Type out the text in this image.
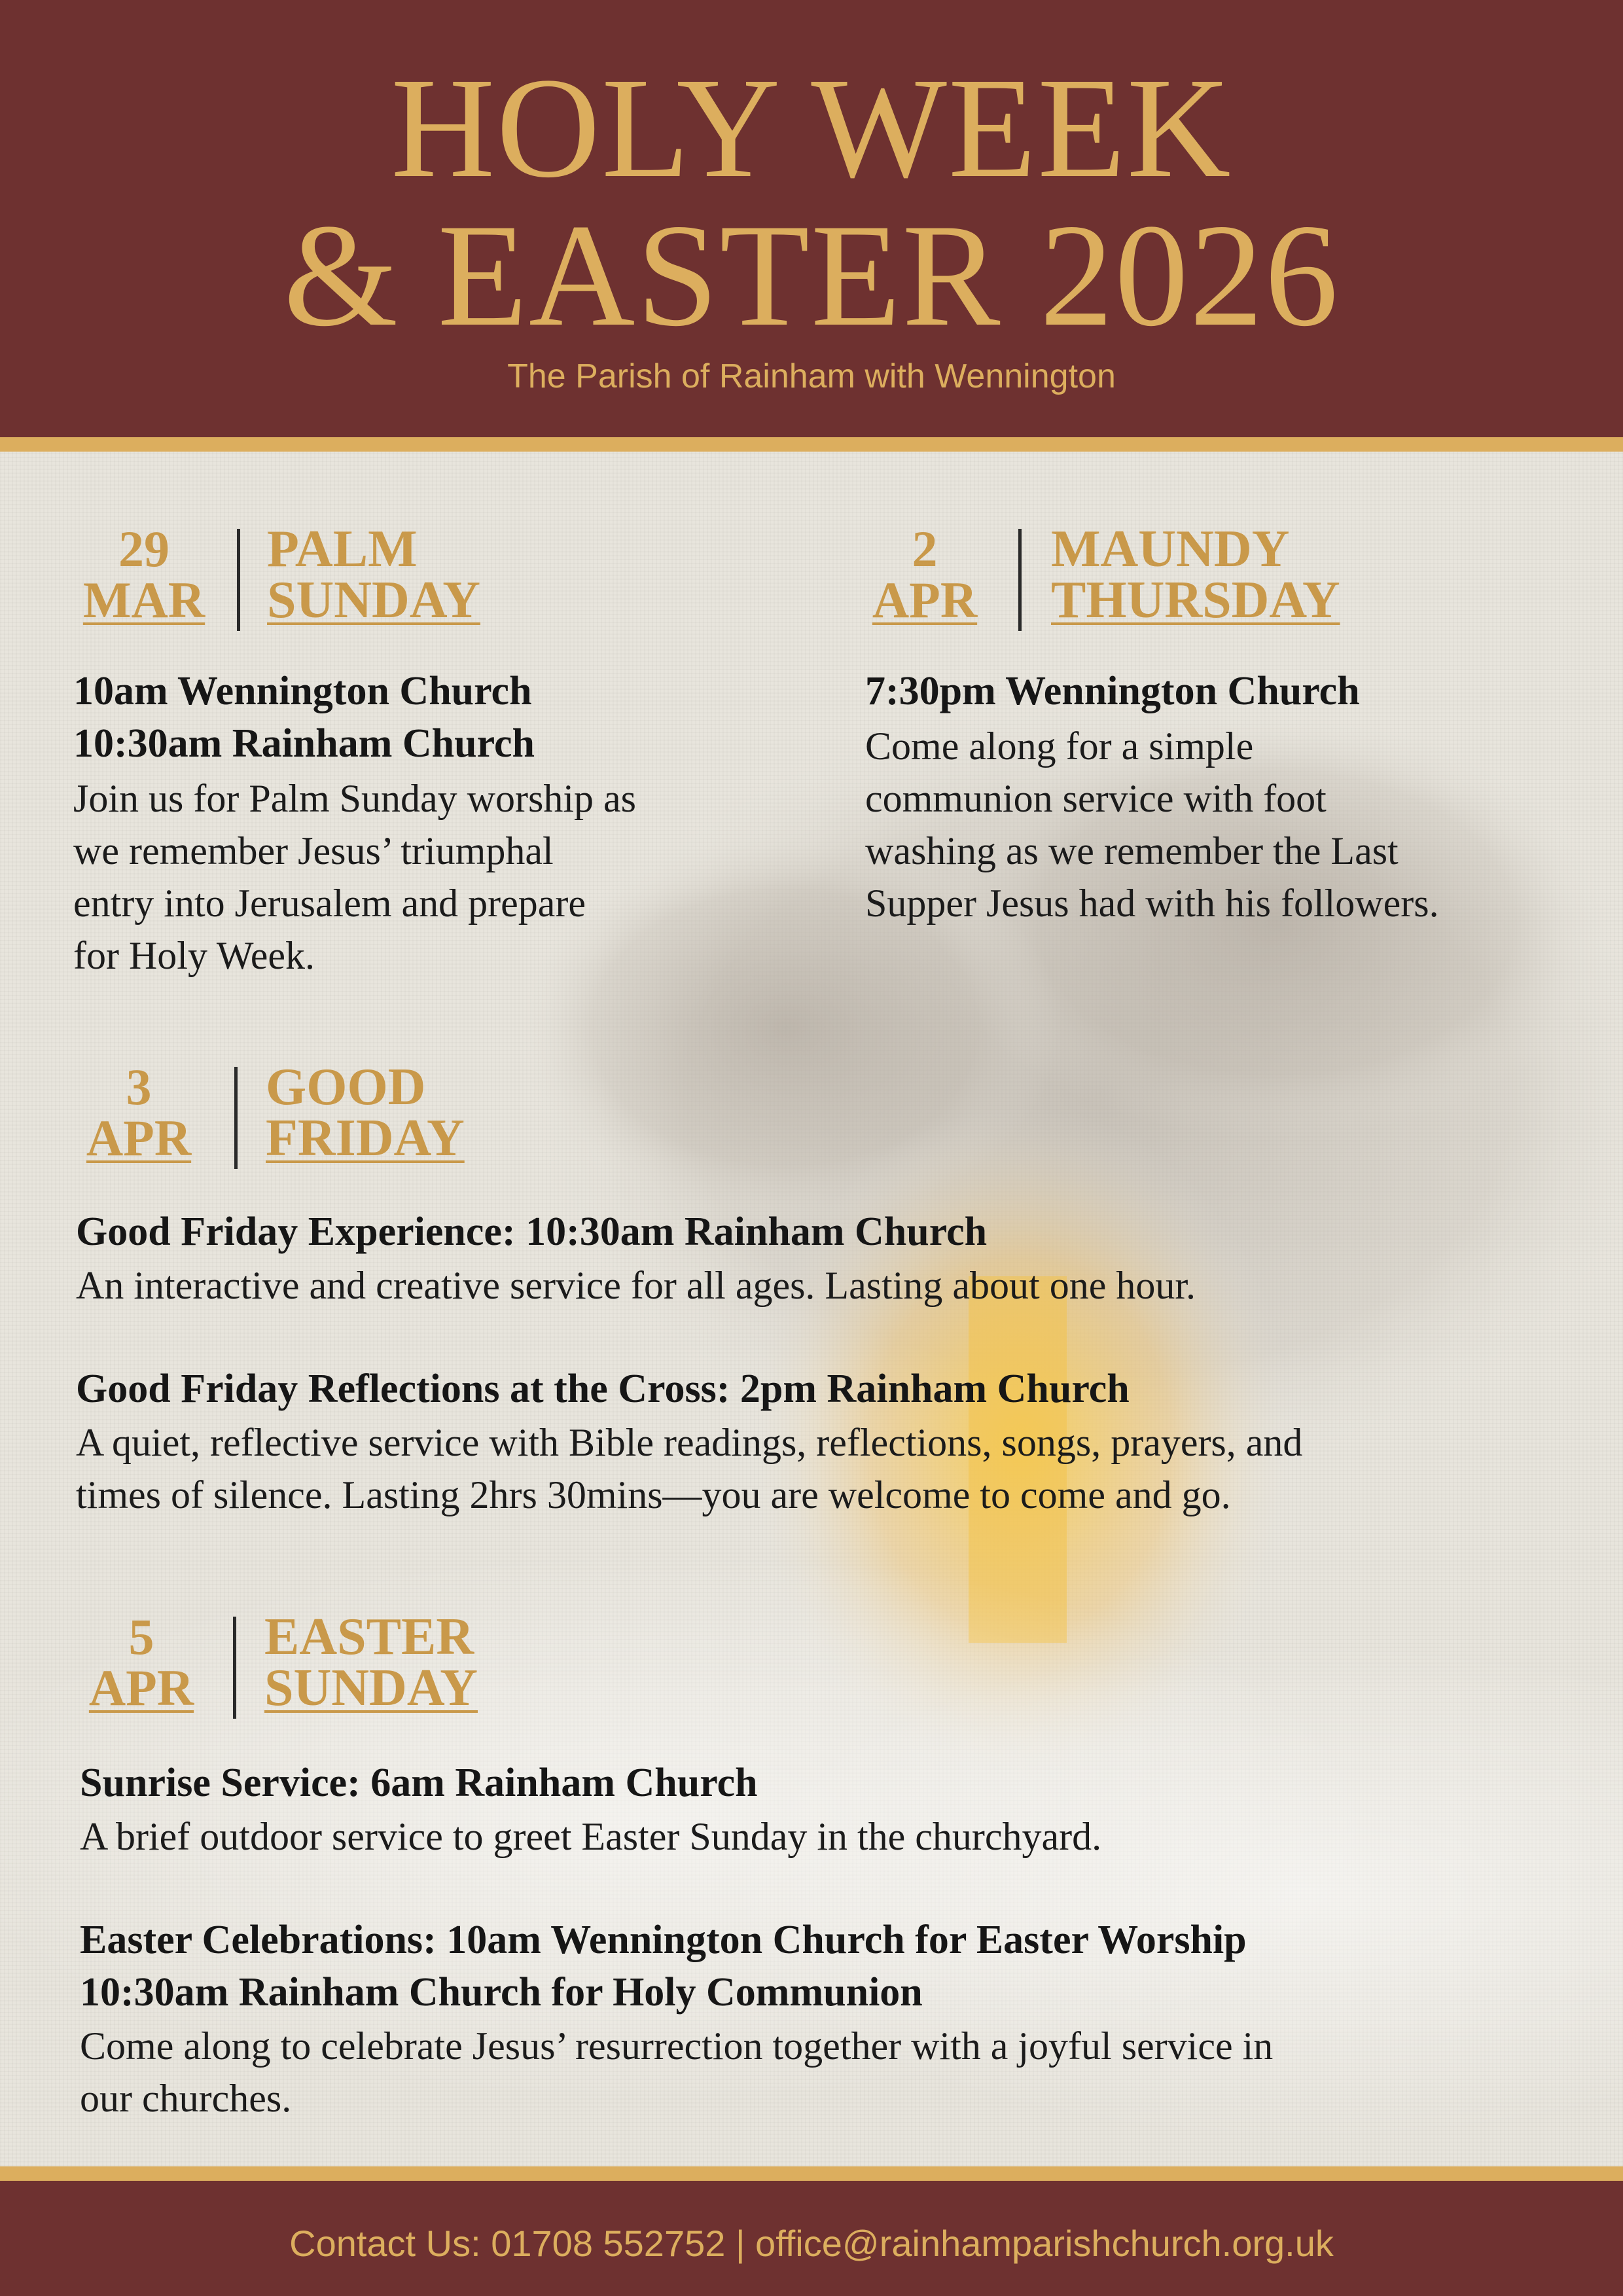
HOLY WEEK
& EASTER 2026
The Parish of Rainham with Wennington
29
MAR
PALM
SUNDAY
10am Wennington Church
10:30am Rainham Church
Join us for Palm Sunday worship as
we remember Jesus’ triumphal
entry into Jerusalem and prepare
for Holy Week.
2
APR
MAUNDY
THURSDAY
7:30pm Wennington Church
Come along for a simple
communion service with foot
washing as we remember the Last
Supper Jesus had with his followers.
3
APR
GOOD
FRIDAY
Good Friday Experience: 10:30am Rainham Church
An interactive and creative service for all ages. Lasting about one hour.
Good Friday Reflections at the Cross: 2pm Rainham Church
A quiet, reflective service with Bible readings, reflections, songs, prayers, and
times of silence. Lasting 2hrs 30mins—you are welcome to come and go.
5
APR
EASTER
SUNDAY
Sunrise Service: 6am Rainham Church
A brief outdoor service to greet Easter Sunday in the churchyard.
Easter Celebrations: 10am Wennington Church for Easter Worship
10:30am Rainham Church for Holy Communion
Come along to celebrate Jesus’ resurrection together with a joyful service in
our churches.
Contact Us: 01708 552752 | office@rainhamparishchurch.org.uk
